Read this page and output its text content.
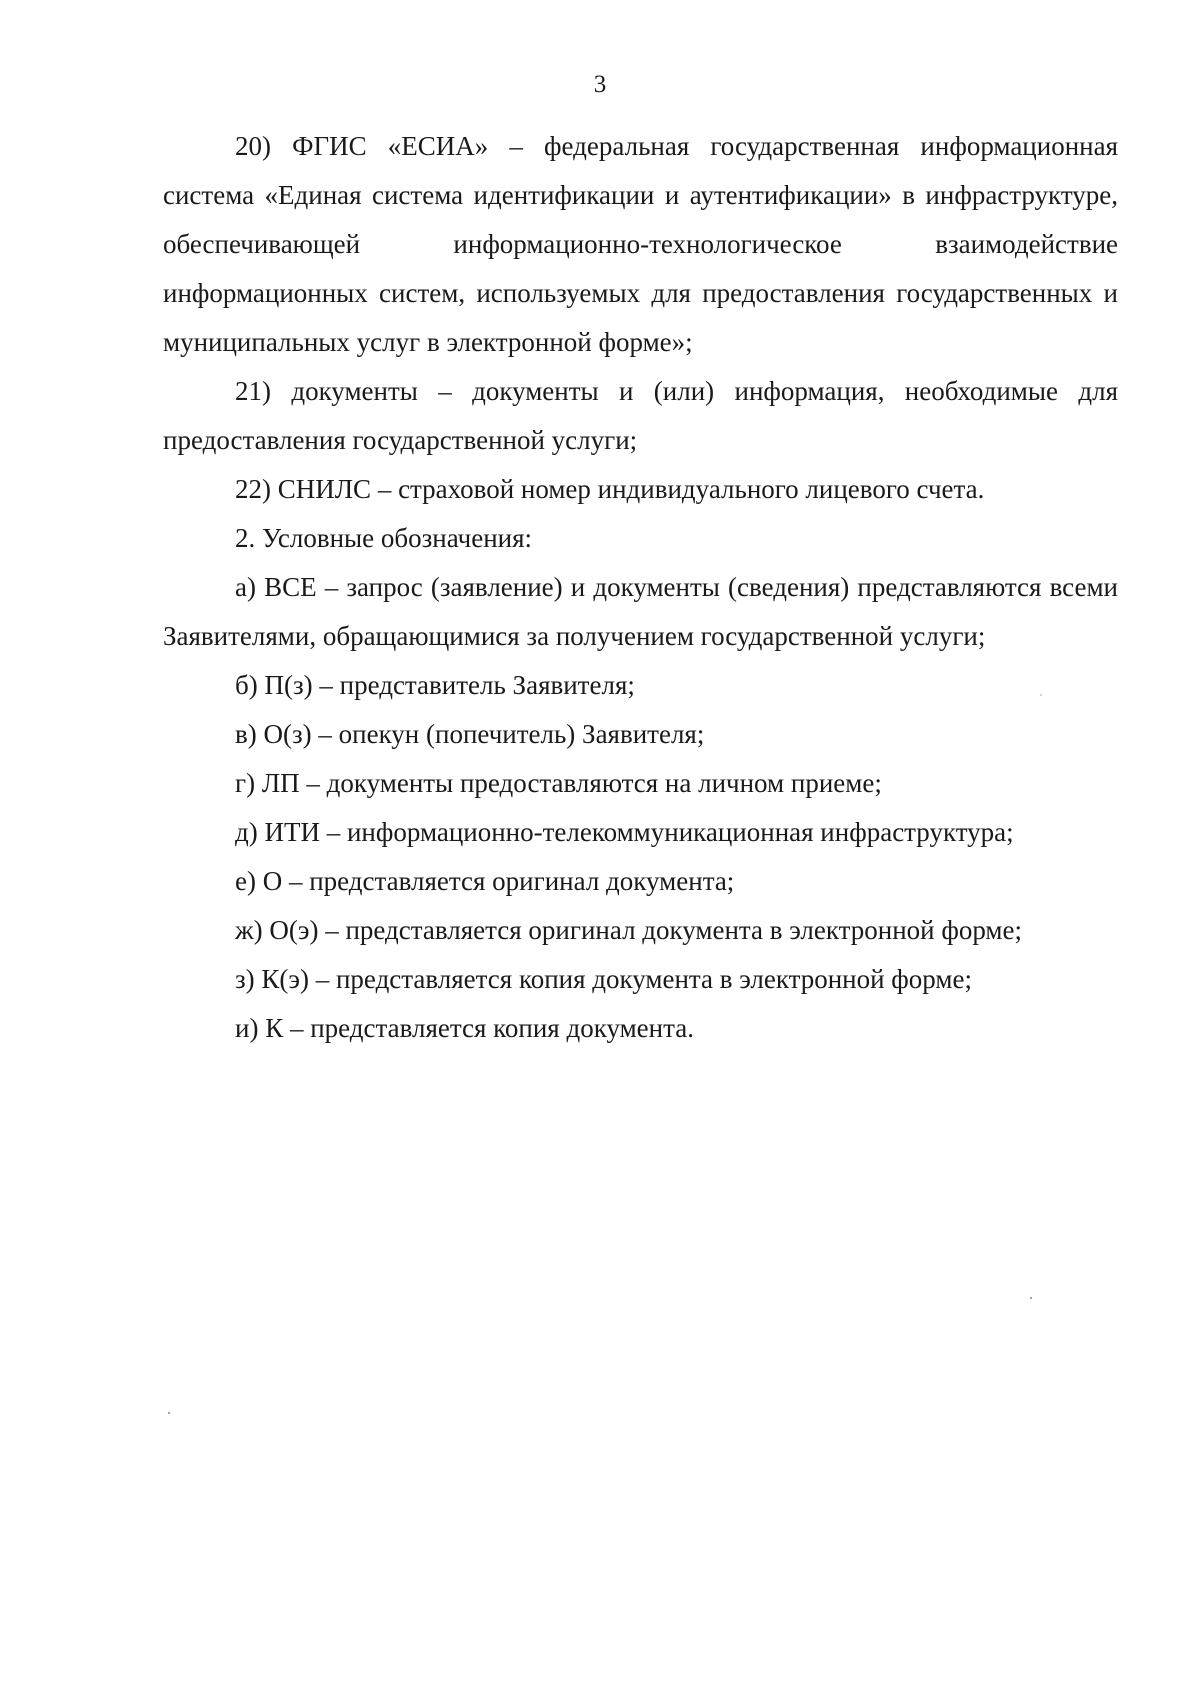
3

20) ФГИС «ЕСИА» – федеральная государственная информационная система «Единая система идентификации и аутентификации» в инфраструктуре, обеспечивающей информационно-технологическое взаимодействие информационных систем, используемых для предоставления государственных и муниципальных услуг в электронной форме»;

21) документы – документы и (или) информация, необходимые для предоставления государственной услуги;

22) СНИЛС – страховой номер индивидуального лицевого счета.

2. Условные обозначения:

а) ВСЕ – запрос (заявление) и документы (сведения) представляются всеми Заявителями, обращающимися за получением государственной услуги;

б) П(з) – представитель Заявителя;

в) О(з) – опекун (попечитель) Заявителя;

г) ЛП – документы предоставляются на личном приеме;

д) ИТИ – информационно-телекоммуникационная инфраструктура;

е) О – представляется оригинал документа;

ж) О(э) – представляется оригинал документа в электронной форме;

з) К(э) – представляется копия документа в электронной форме;

и) К – представляется копия документа.
